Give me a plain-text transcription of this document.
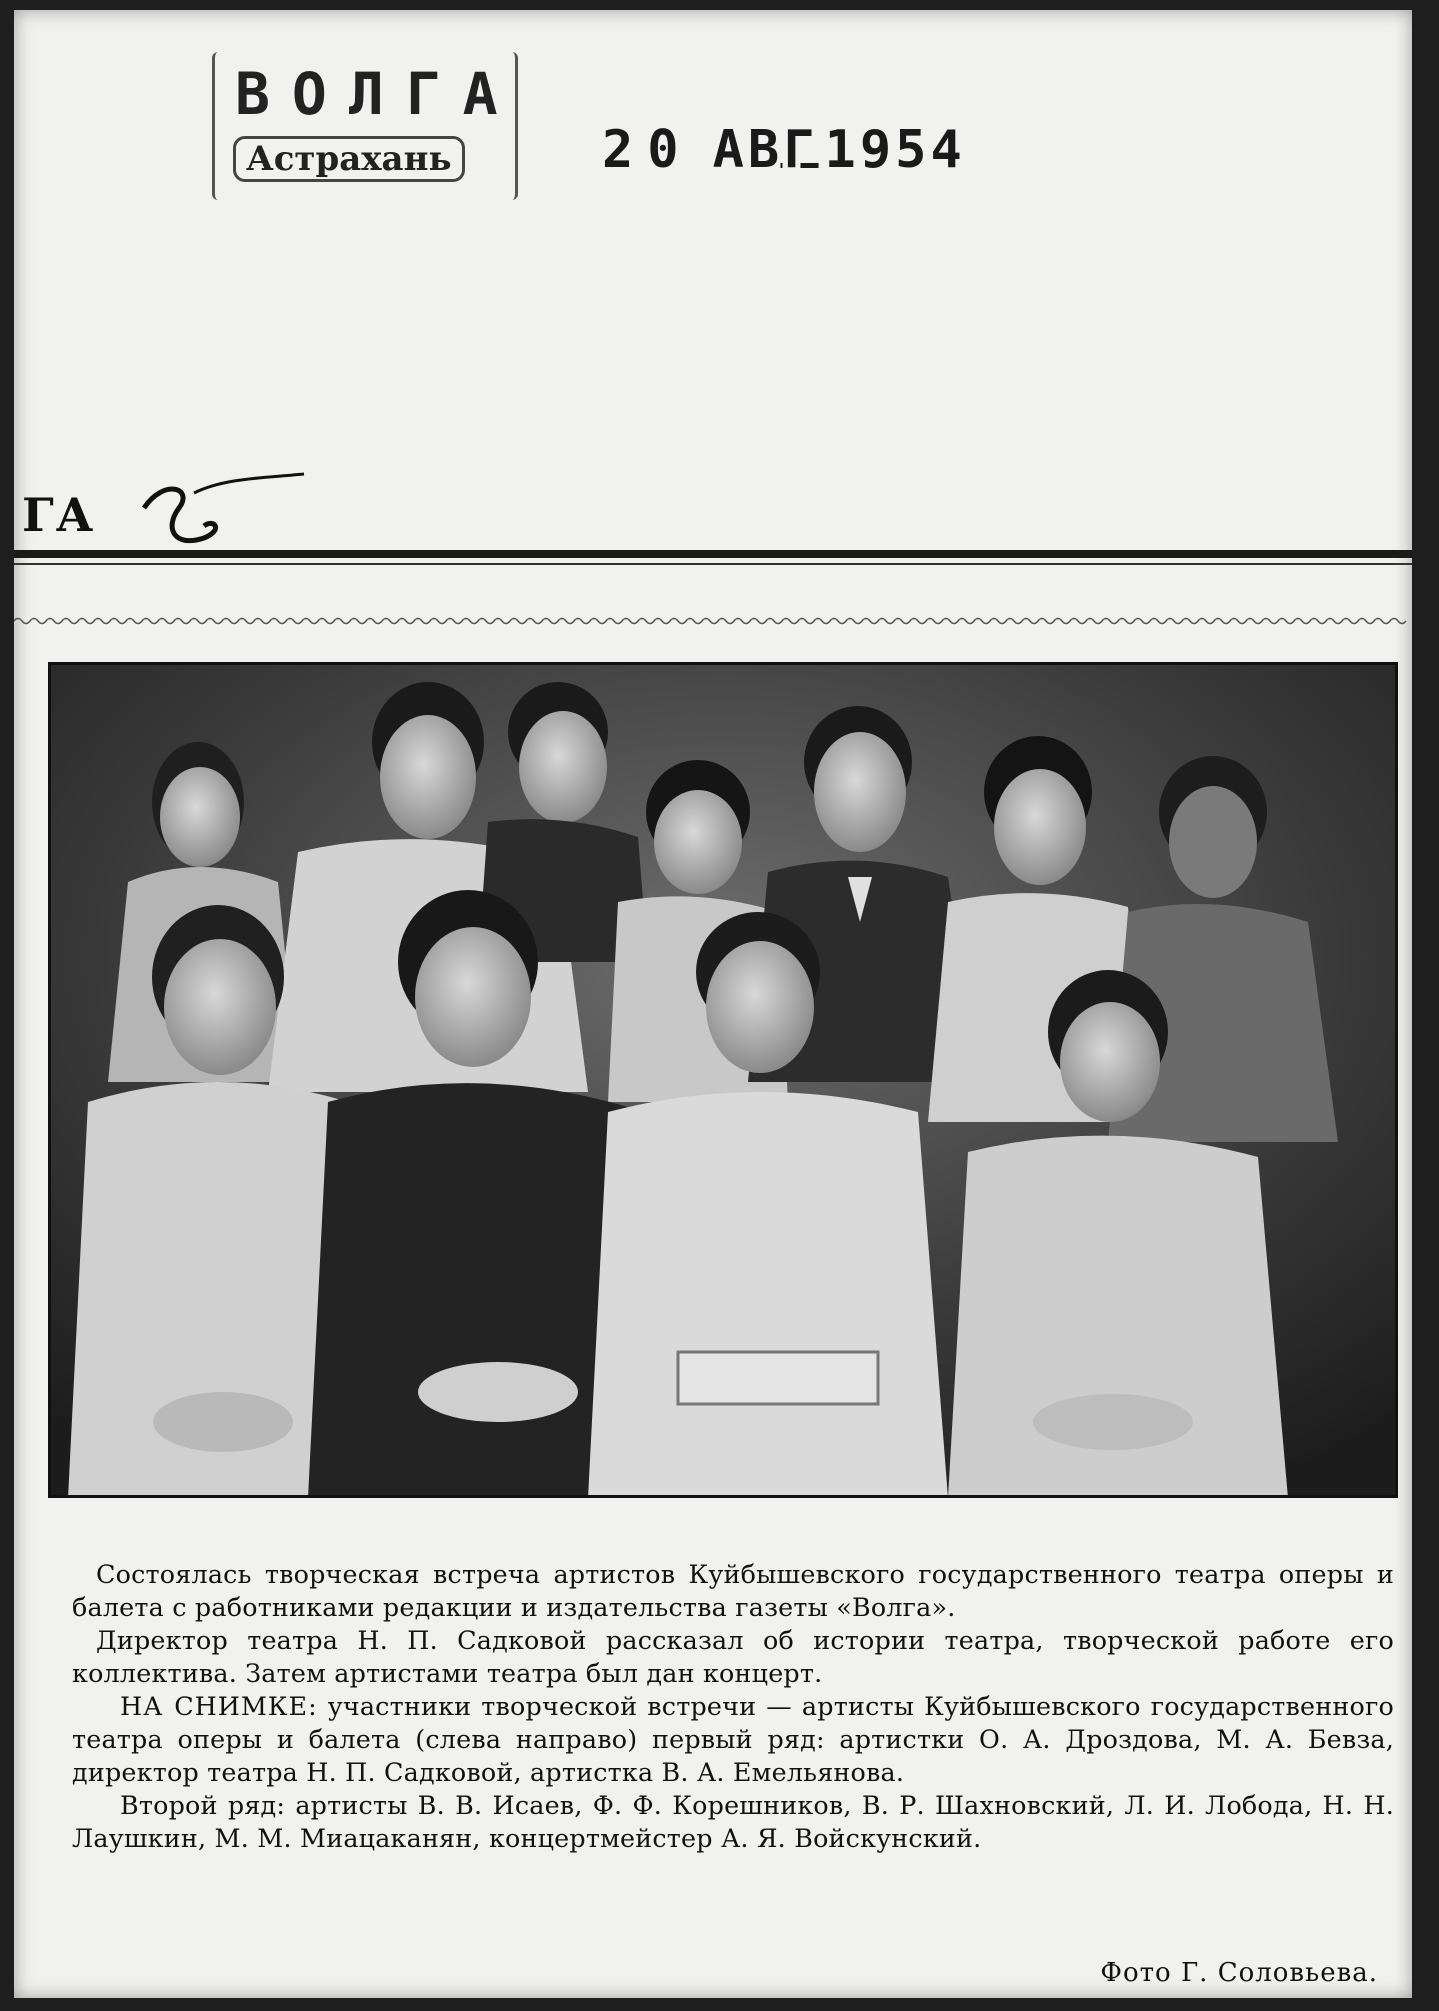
ВОЛГА
Астрахань	20 АВГ 1954
ГА

Состоялась творческая встреча артистов Куйбышевского государственного театра оперы и балета с работниками редакции и издательства газеты «Волга».

Директор театра Н. П. Садковой рассказал об истории театра, творческой работе его коллектива. Затем артистами театра был дан концерт.

НА СНИМКЕ: участники творческой встречи — артисты Куйбышевского государственного театра оперы и балета (слева направо) первый ряд: артистки О. А. Дроздова, М. А. Бевза, директор театра Н. П. Садковой, артистка В. А. Емельянова.

Второй ряд: артисты В. В. Исаев, Ф. Ф. Корешников, В. Р. Шахновский, Л. И. Лобода, Н. Н. Лаушкин, М. М. Миацаканян, концертмейстер А. Я. Войскунский.

Фото Г. Соловьева.
